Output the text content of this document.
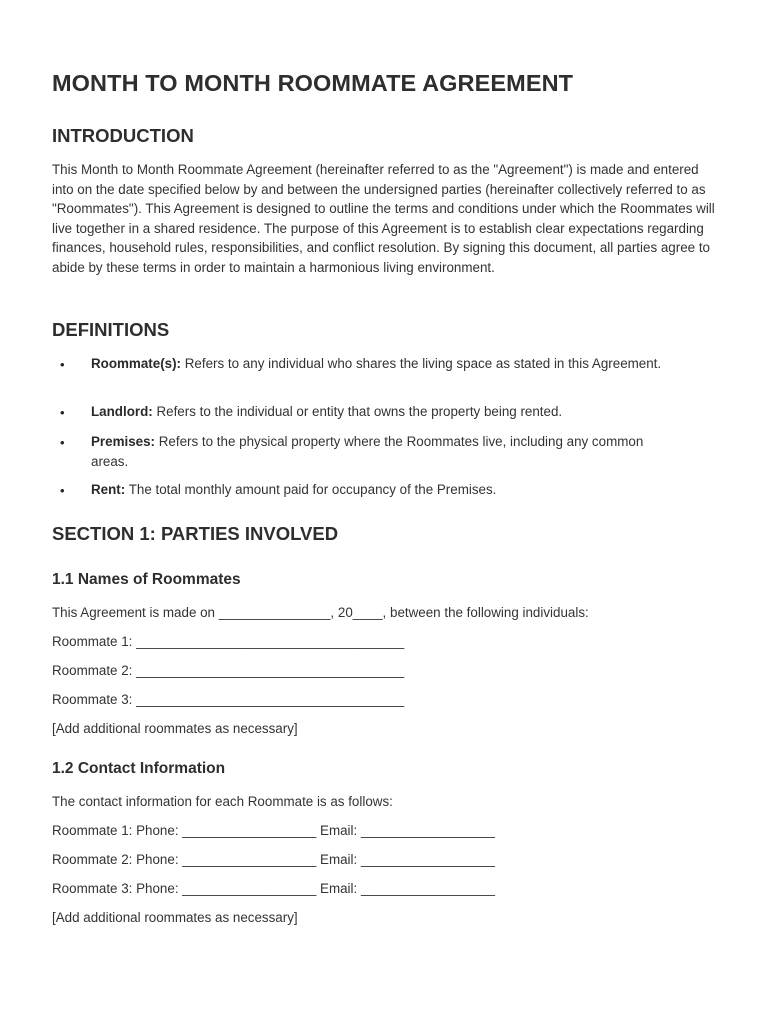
MONTH TO MONTH ROOMMATE AGREEMENT
INTRODUCTION

This Month to Month Roommate Agreement (hereinafter referred to as the "Agreement") is made and entered into on the date specified below by and between the undersigned parties (hereinafter collectively referred to as "Roommates"). This Agreement is designed to outline the terms and conditions under which the Roommates will live together in a shared residence. The purpose of this Agreement is to establish clear expectations regarding finances, household rules, responsibilities, and conflict resolution. By signing this document, all parties agree to abide by these terms in order to maintain a harmonious living environment.

DEFINITIONS
• Roommate(s): Refers to any individual who shares the living space as stated in this Agreement.

• Landlord: Refers to the individual or entity that owns the property being rented.

• Premises: Refers to the physical property where the Roommates live, including any common areas.

• Rent: The total monthly amount paid for occupancy of the Premises.

SECTION 1: PARTIES INVOLVED
1.1 Names of Roommates

This Agreement is made on _______________, 20____, between the following individuals:

Roommate 1: ____________________________________

Roommate 2: ____________________________________

Roommate 3: ____________________________________

[Add additional roommates as necessary]

1.2 Contact Information

The contact information for each Roommate is as follows:

Roommate 1: Phone: __________________ Email: __________________

Roommate 2: Phone: __________________ Email: __________________

Roommate 3: Phone: __________________ Email: __________________

[Add additional roommates as necessary]
